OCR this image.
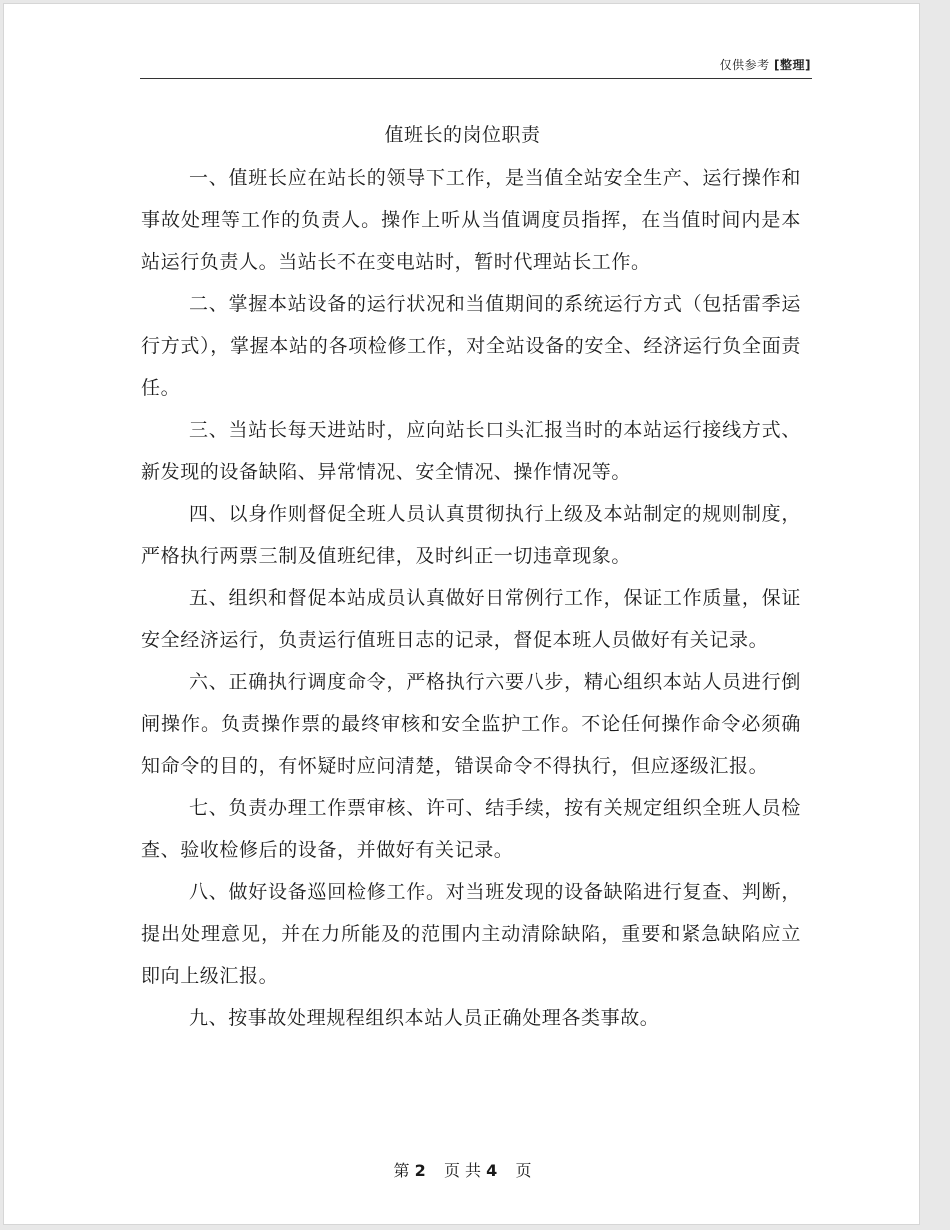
仅供参考 [整理]
值班长的岗位职责

一、值班长应在站长的领导下工作，是当值全站安全生产、运行操作和事故处理等工作的负责人。操作上听从当值调度员指挥，在当值时间内是本站运行负责人。当站长不在变电站时，暂时代理站长工作。

二、掌握本站设备的运行状况和当值期间的系统运行方式（包括雷季运行方式），掌握本站的各项检修工作，对全站设备的安全、经济运行负全面责任。

三、当站长每天进站时，应向站长口头汇报当时的本站运行接线方式、新发现的设备缺陷、异常情况、安全情况、操作情况等。

四、以身作则督促全班人员认真贯彻执行上级及本站制定的规则制度，严格执行两票三制及值班纪律，及时纠正一切违章现象。

五、组织和督促本站成员认真做好日常例行工作，保证工作质量，保证安全经济运行，负责运行值班日志的记录，督促本班人员做好有关记录。

六、正确执行调度命令，严格执行六要八步，精心组织本站人员进行倒闸操作。负责操作票的最终审核和安全监护工作。不论任何操作命令必须确知命令的目的，有怀疑时应问清楚，错误命令不得执行，但应逐级汇报。

七、负责办理工作票审核、许可、结手续，按有关规定组织全班人员检查、验收检修后的设备，并做好有关记录。

八、做好设备巡回检修工作。对当班发现的设备缺陷进行复查、判断，提出处理意见，并在力所能及的范围内主动清除缺陷，重要和紧急缺陷应立即向上级汇报。

九、按事故处理规程组织本站人员正确处理各类事故。

第 2 页 共 4 页
